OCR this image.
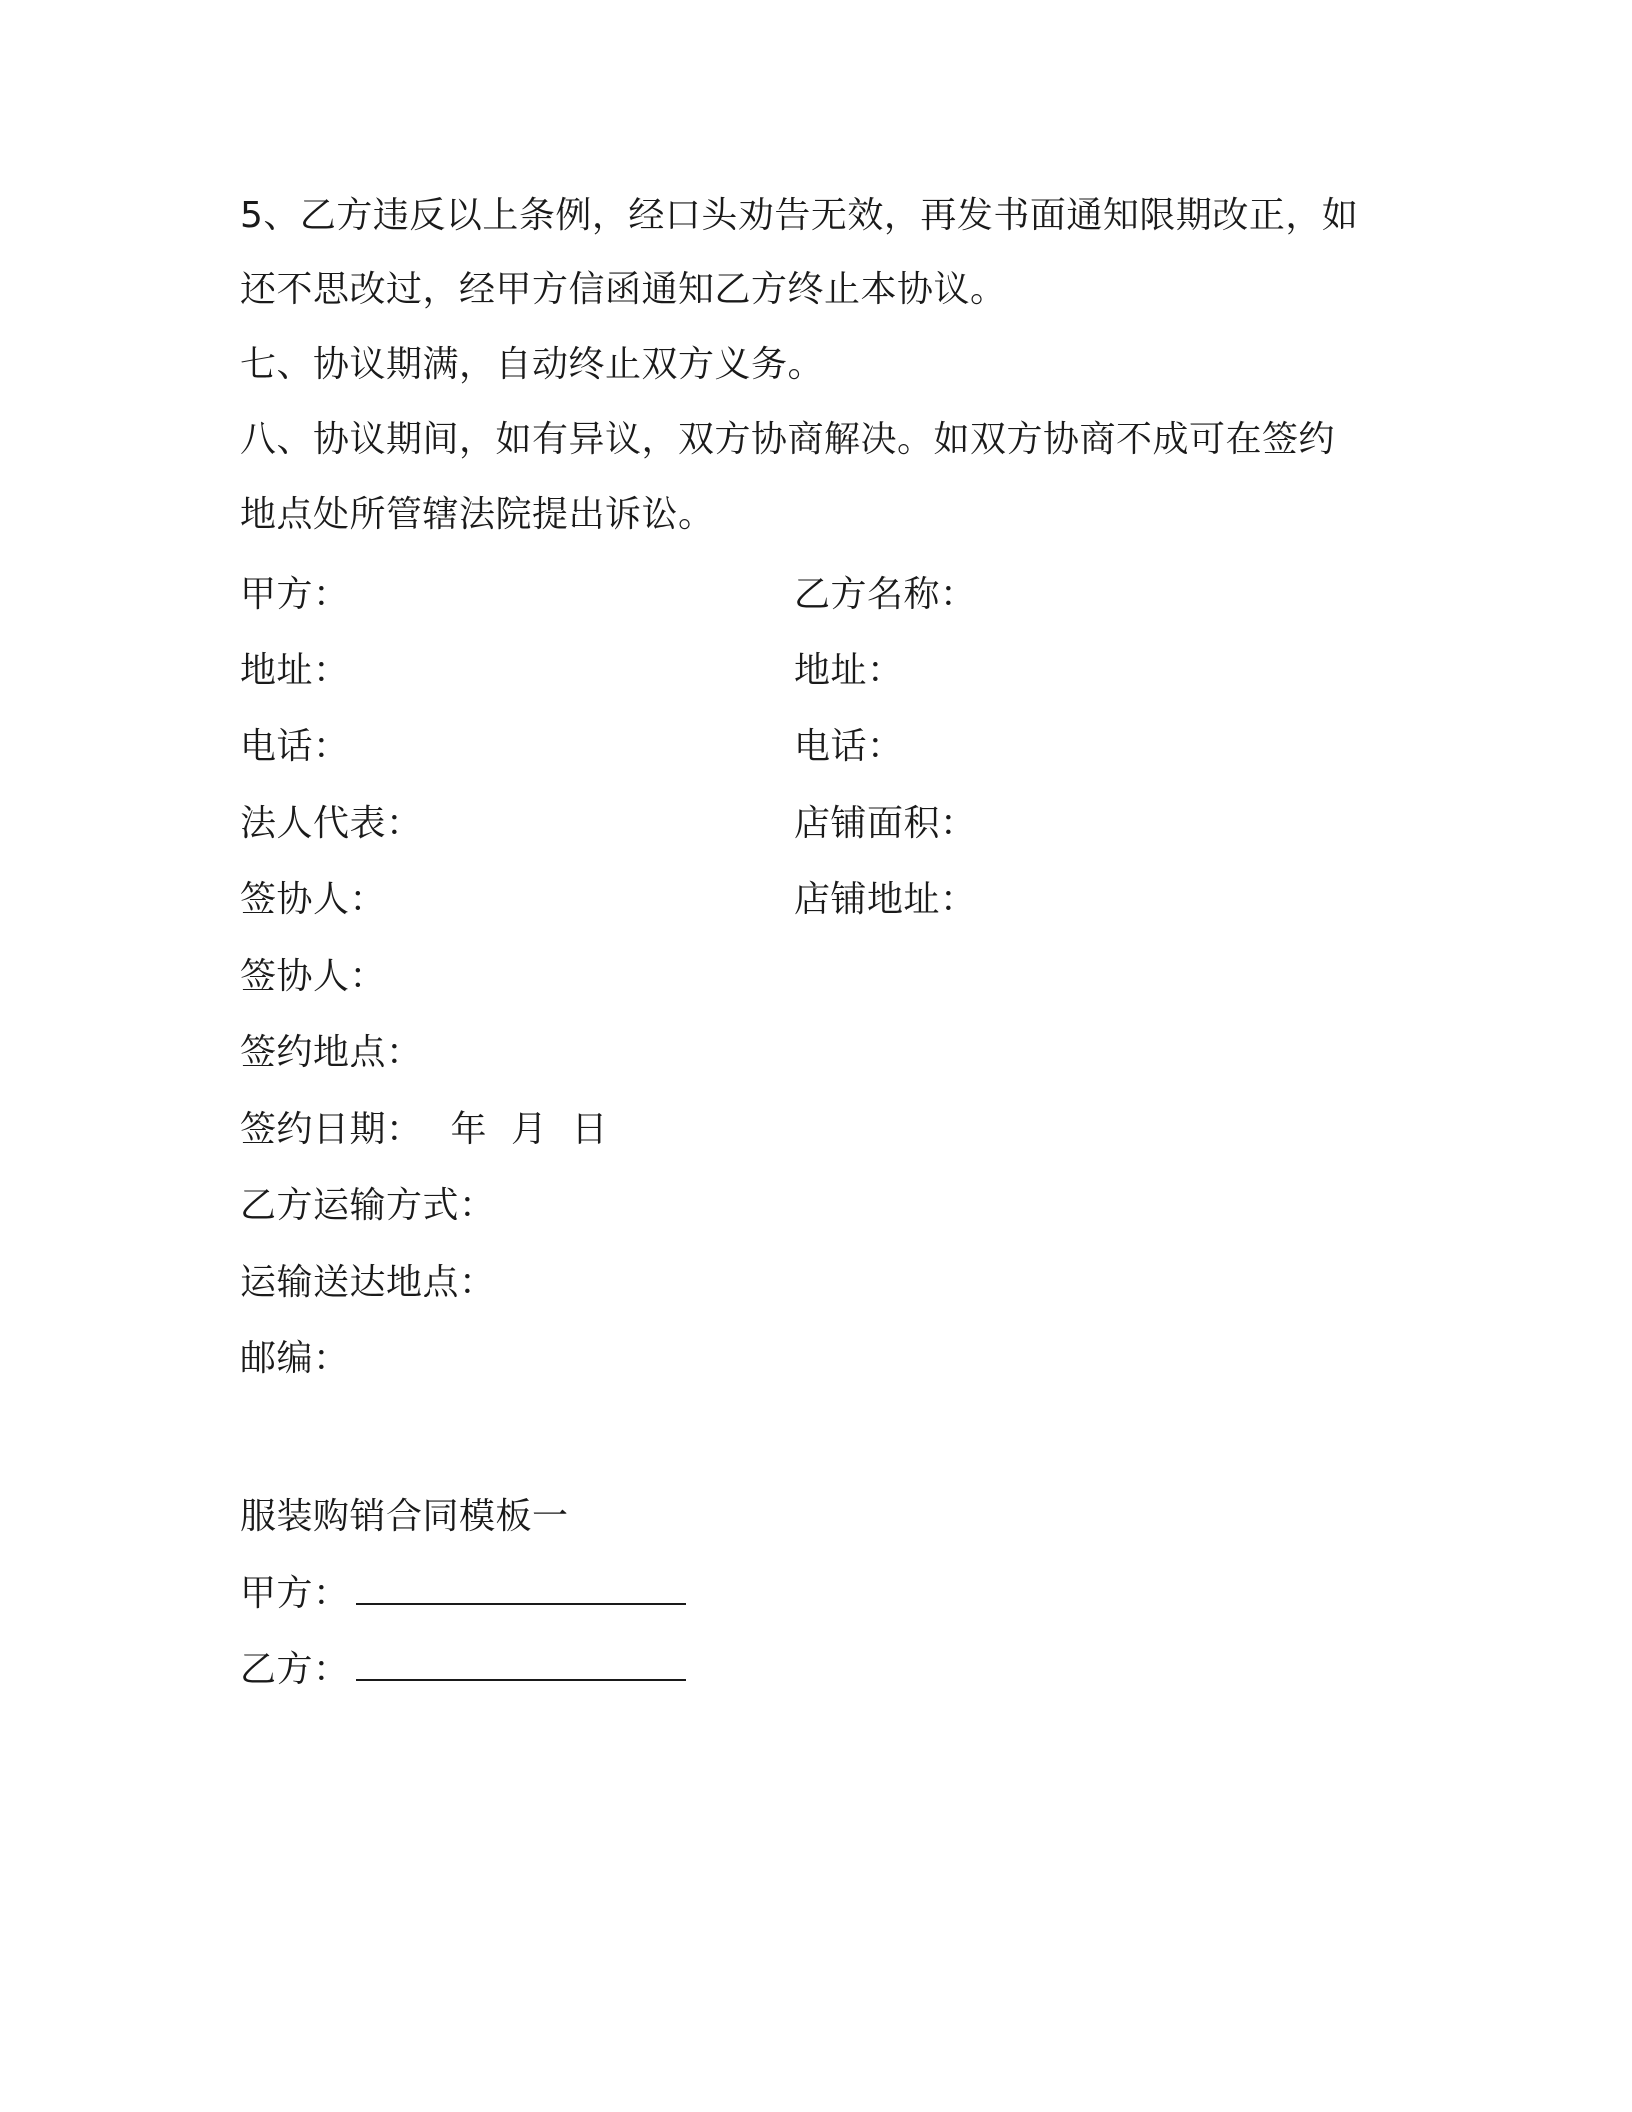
5、乙方违反以上条例，经口头劝告无效，再发书面通知限期改正，如
还不思改过，经甲方信函通知乙方终止本协议。
七、协议期满，自动终止双方义务。
八、协议期间，如有异议，双方协商解决。如双方协商不成可在签约
地点处所管辖法院提出诉讼。
甲方：
地址：
电话：
法人代表：
签协人：
签协人：
签约地点：
签约日期： 年 月 日
乙方运输方式：
运输送达地点：
邮编：
乙方名称：
地址：
电话：
店铺面积：
店铺地址：
服装购销合同模板一
甲方：
乙方：
